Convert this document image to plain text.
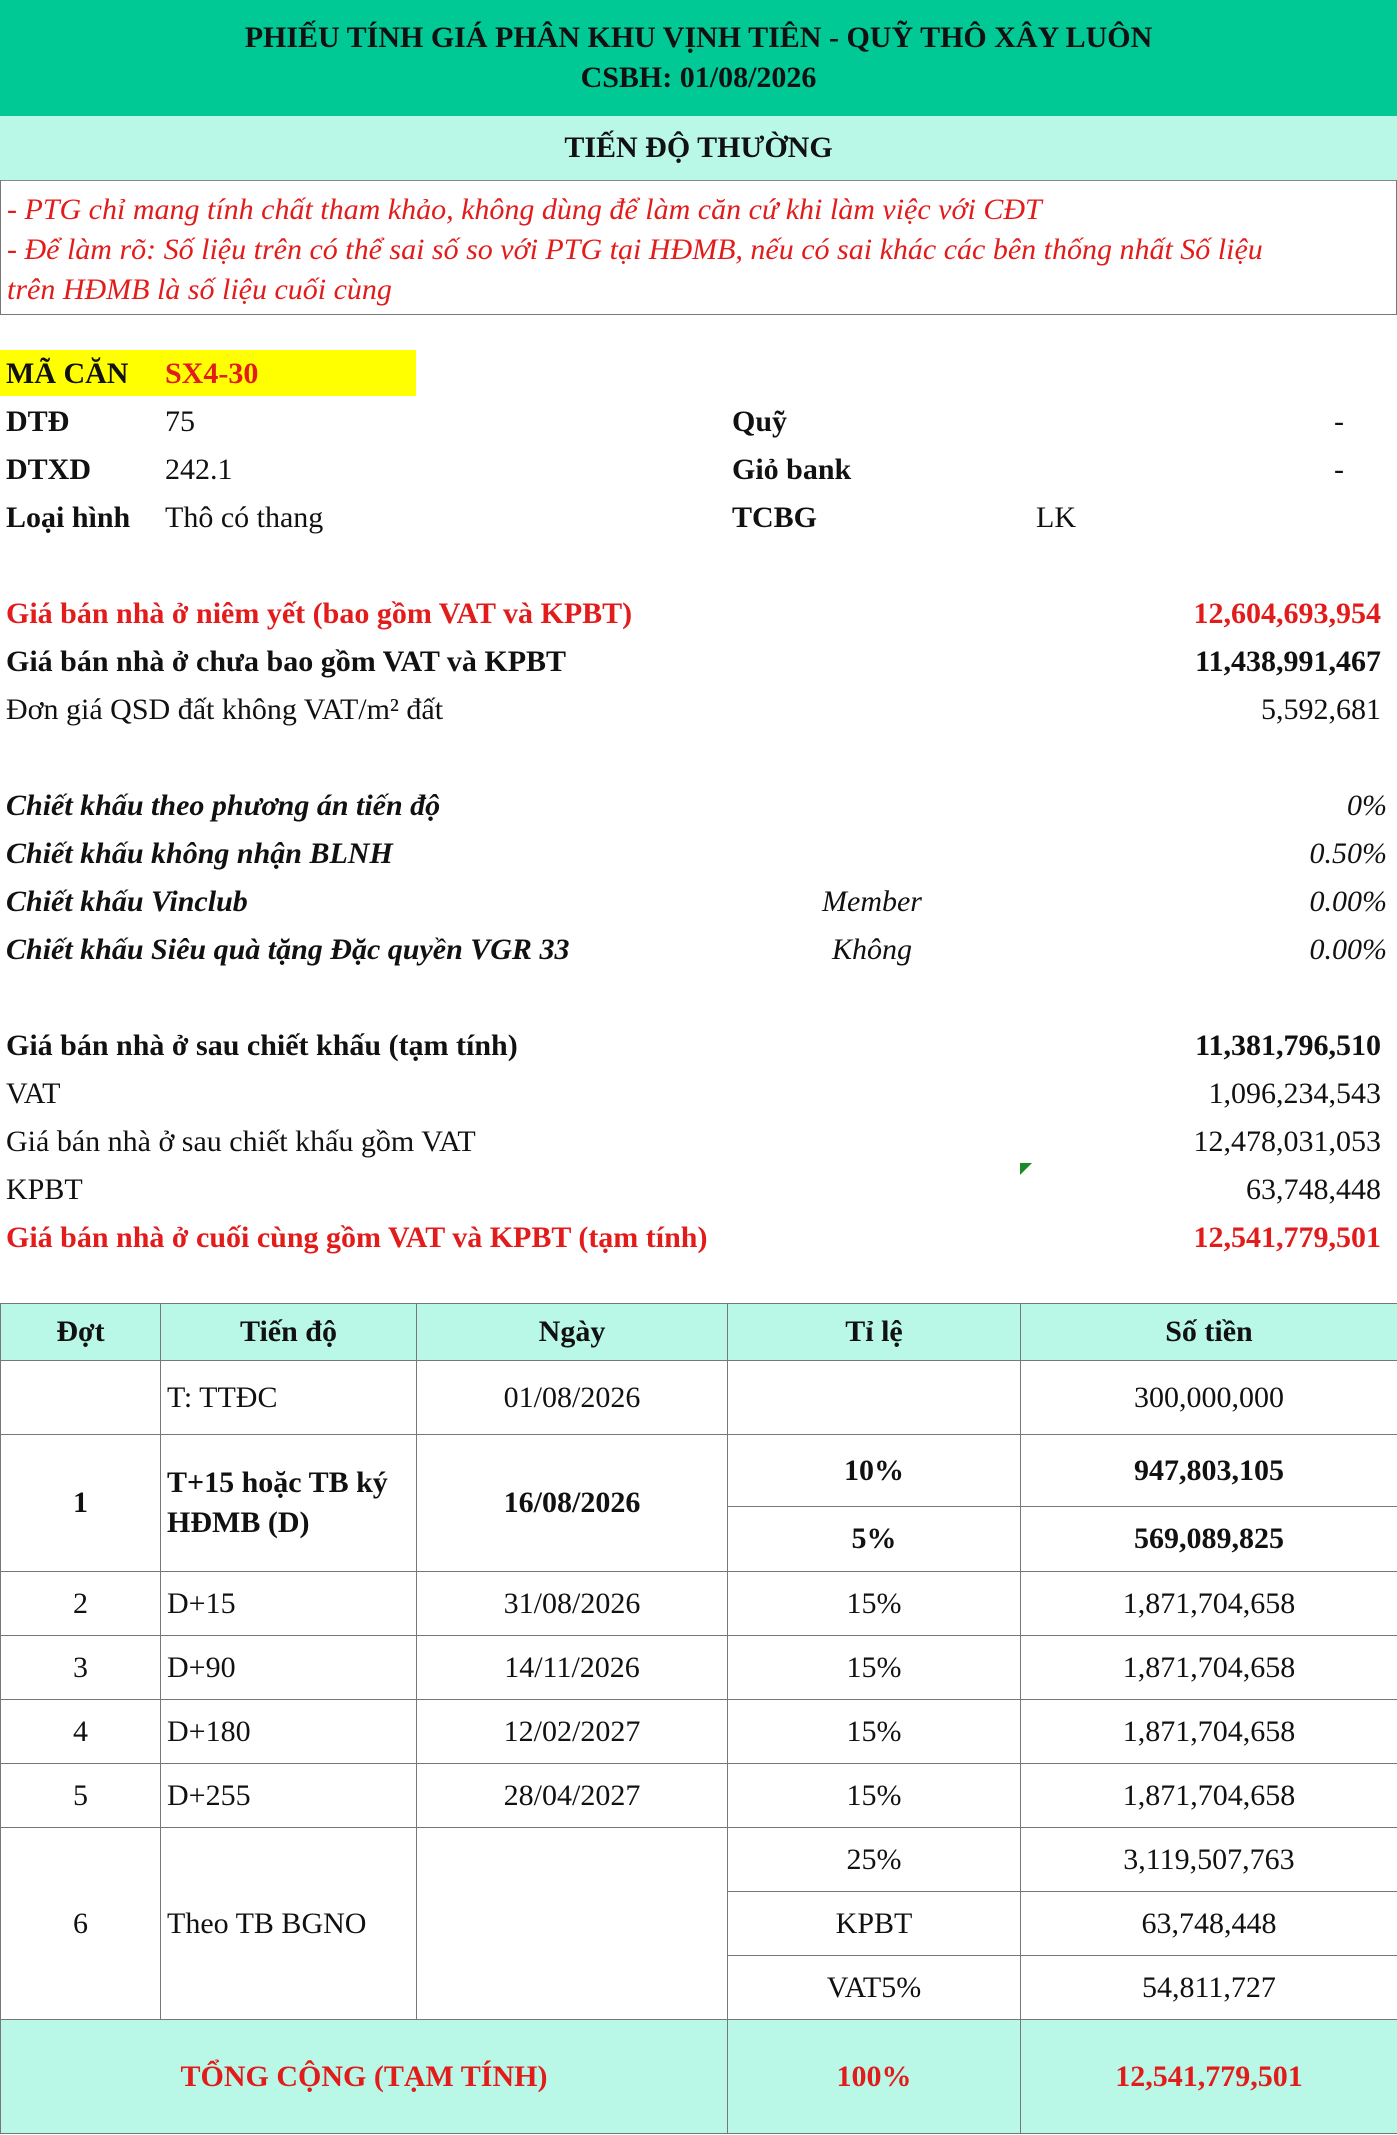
PHIẾU TÍNH GIÁ PHÂN KHU VỊNH TIÊN - QUỸ THÔ XÂY LUÔN
CSBH: 01/08/2026
TIẾN ĐỘ THƯỜNG
- PTG chỉ mang tính chất tham khảo, không dùng để làm căn cứ khi làm việc với CĐT
- Để làm rõ: Số liệu trên có thể sai số so với PTG tại HĐMB, nếu có sai khác các bên thống nhất Số liệu
trên HĐMB là số liệu cuối cùng
MÃ CĂN SX4-30
DTĐ	75	Quỹ	-
DTXD 242.1	Giỏ bank	-
Loại hình Thô có thang	TCBG	LK
Giá bán nhà ở niêm yết (bao gồm VAT và KPBT)	12,604,693,954
Giá bán nhà ở chưa bao gồm VAT và KPBT	11,438,991,467
Đơn giá QSD đất không VAT/m² đất	5,592,681
Chiết khấu theo phương án tiến độ	0%
Chiết khấu không nhận BLNH	0.50%
Chiết khấu Vinclub	Member	0.00%
Chiết khấu Siêu quà tặng Đặc quyền VGR 33	Không	0.00%
Giá bán nhà ở sau chiết khấu (tạm tính)	11,381,796,510
VAT	1,096,234,543
Giá bán nhà ở sau chiết khấu gồm VAT	12,478,031,053
KPBT	63,748,448
Giá bán nhà ở cuối cùng gồm VAT và KPBT (tạm tính)	12,541,779,501
Đợt	Tiến độ	Ngày	Tỉ lệ	Số tiền
	T: TTĐC	01/08/2026		300,000,000
1	T+15 hoặc TB ký
HĐMB (D)	16/08/2026	10%	947,803,105
			5%	569,089,825
2	D+15	31/08/2026	15%	1,871,704,658
3	D+90	14/11/2026	15%	1,871,704,658
4	D+180	12/02/2027	15%	1,871,704,658
5	D+255	28/04/2027	15%	1,871,704,658
6	Theo TB BGNO		25%	3,119,507,763
			KPBT	63,748,448
			VAT5%	54,811,727
TỔNG CỘNG (TẠM TÍNH)			100%	12,541,779,501
